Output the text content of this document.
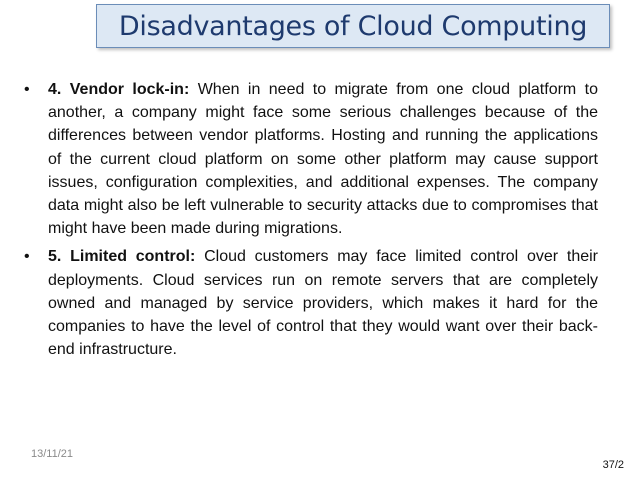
Disadvantages of Cloud Computing
• 4. Vendor lock-in: When in need to migrate from one cloud platform to another, a company might face some serious challenges because of the differences between vendor platforms. Hosting and running the applications of the current cloud platform on some other platform may cause support issues, configuration complexities, and additional expenses. The company data might also be left vulnerable to security attacks due to compromises that might have been made during migrations.
• 5. Limited control: Cloud customers may face limited control over their deployments. Cloud services run on remote servers that are completely owned and managed by service providers, which makes it hard for the companies to have the level of control that they would want over their back-end infrastructure.
13/11/21
37/2
